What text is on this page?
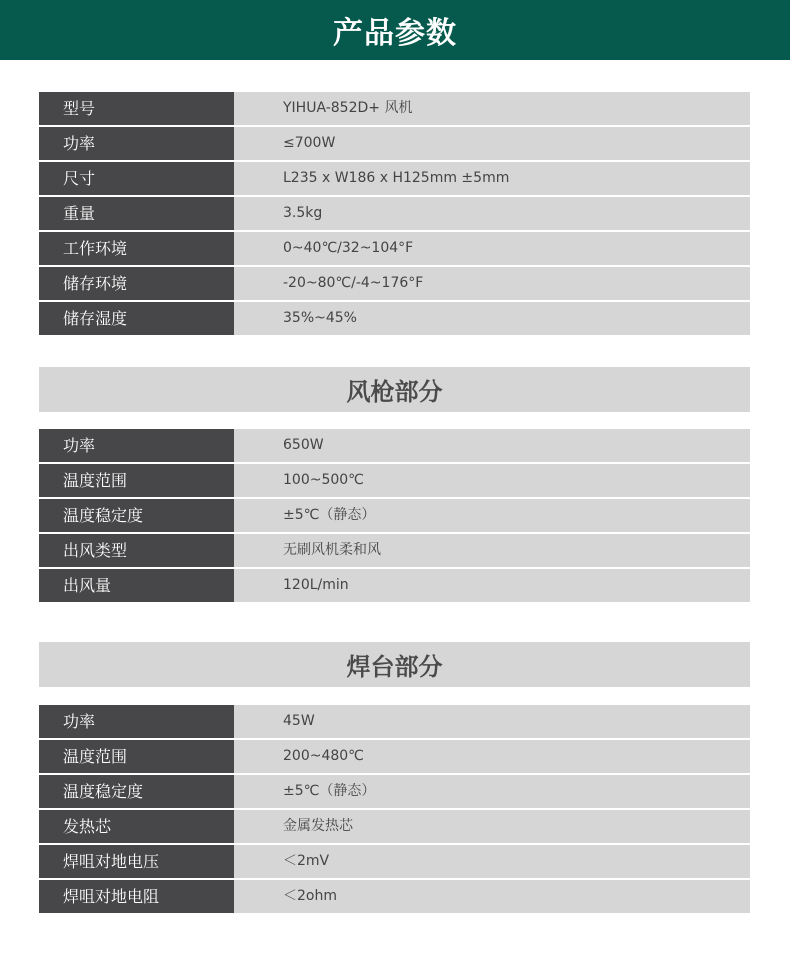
产品参数
型号	YIHUA-852D+ 风机
功率	≤700W
尺寸	L235 x W186 x H125mm ±5mm
重量	3.5kg
工作环境	0~40℃/32~104°F
储存环境	-20~80℃/-4~176°F
储存湿度	35%~45%
风枪部分
功率	650W
温度范围	100~500℃
温度稳定度	±5℃（静态）
出风类型	无刷风机柔和风
出风量	120L/min
焊台部分
功率	45W
温度范围	200~480℃
温度稳定度	±5℃（静态）
发热芯	金属发热芯
焊咀对地电压	＜2mV
焊咀对地电阻	＜2ohm
